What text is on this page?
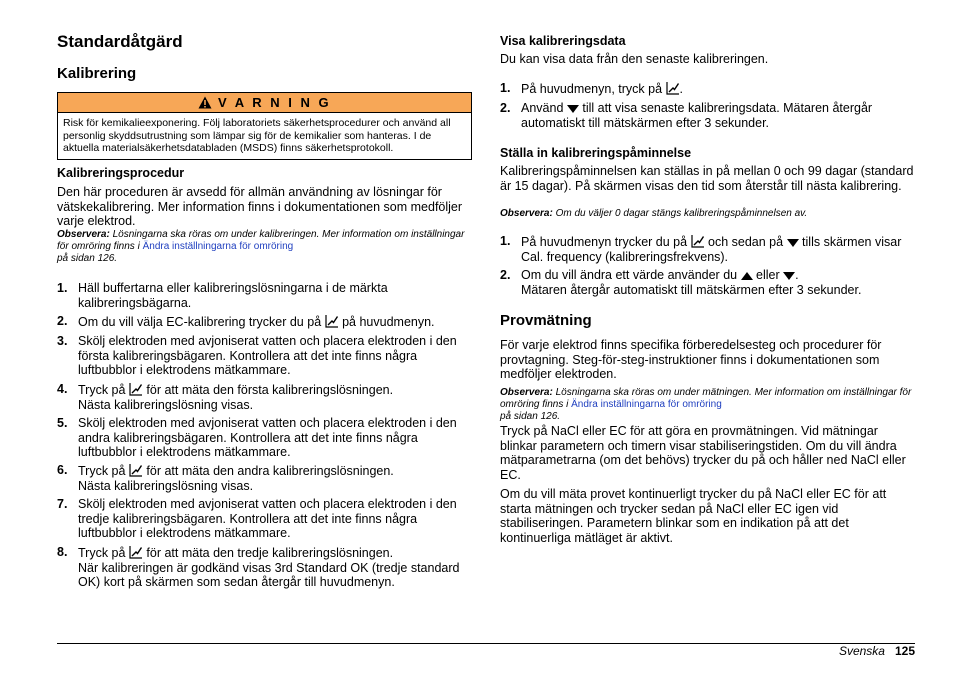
Standardåtgärd
Kalibrering
V A R N I N G
Risk för kemikalieexponering. Följ laboratoriets säkerhetsprocedurer och använd all personlig skyddsutrustning som lämpar sig för de kemikalier som hanteras. I de aktuella materialsäkerhetsdatabladen (MSDS) finns säkerhetsprotokoll.
Kalibreringsprocedur
Den här proceduren är avsedd för allmän användning av lösningar för vätskekalibrering. Mer information finns i dokumentationen som medföljer varje elektrod.
Observera: Lösningarna ska röras om under kalibreringen. Mer information om inställningar för omröring finns i Ändra inställningarna för omröring
på sidan 126.
1. Häll buffertarna eller kalibreringslösningarna i de märkta kalibreringsbägarna.
2. Om du vill välja EC-kalibrering trycker du på  på huvudmenyn.
3. Skölj elektroden med avjoniserat vatten och placera elektroden i den första kalibreringsbägaren. Kontrollera att det inte finns några luftbubblor i elektrodens mätkammare.
4. Tryck på  för att mäta den första kalibreringslösningen.
Nästa kalibreringslösning visas.
5. Skölj elektroden med avjoniserat vatten och placera elektroden i den andra kalibreringsbägaren. Kontrollera att det inte finns några luftbubblor i elektrodens mätkammare.
6. Tryck på  för att mäta den andra kalibreringslösningen.
Nästa kalibreringslösning visas.
7. Skölj elektroden med avjoniserat vatten och placera elektroden i den tredje kalibreringsbägaren. Kontrollera att det inte finns några luftbubblor i elektrodens mätkammare.
8. Tryck på  för att mäta den tredje kalibreringslösningen.
När kalibreringen är godkänd visas 3rd Standard OK (tredje standard OK) kort på skärmen som sedan återgår till huvudmenyn.
Visa kalibreringsdata
Du kan visa data från den senaste kalibreringen.
1. På huvudmenyn, tryck på .
2. Använd  till att visa senaste kalibreringsdata. Mätaren återgår automatiskt till mätskärmen efter 3 sekunder.
Ställa in kalibreringspåminnelse
Kalibreringspåminnelsen kan ställas in på mellan 0 och 99 dagar (standard är 15 dagar). På skärmen visas den tid som återstår till nästa kalibrering.
Observera: Om du väljer 0 dagar stängs kalibreringspåminnelsen av.
1. På huvudmenyn trycker du på  och sedan på  tills skärmen visar Cal. frequency (kalibreringsfrekvens).
2. Om du vill ändra ett värde använder du  eller .
Mätaren återgår automatiskt till mätskärmen efter 3 sekunder.
Provmätning
För varje elektrod finns specifika förberedelsesteg och procedurer för provtagning. Steg-för-steg-instruktioner finns i dokumentationen som medföljer elektroden.
Observera: Lösningarna ska röras om under mätningen. Mer information om inställningar för omröring finns i Ändra inställningarna för omröring
på sidan 126.
Tryck på NaCl eller EC för att göra en provmätningen. Vid mätningar blinkar parametern och timern visar stabiliseringstiden. Om du vill ändra mätparametrarna (om det behövs) trycker du på och håller ned NaCl eller EC.
Om du vill mäta provet kontinuerligt trycker du på NaCl eller EC för att starta mätningen och trycker sedan på NaCl eller EC igen vid stabiliseringen. Parametern blinkar som en indikation på att det kontinuerliga mätläget är aktivt.
Svenska 125
